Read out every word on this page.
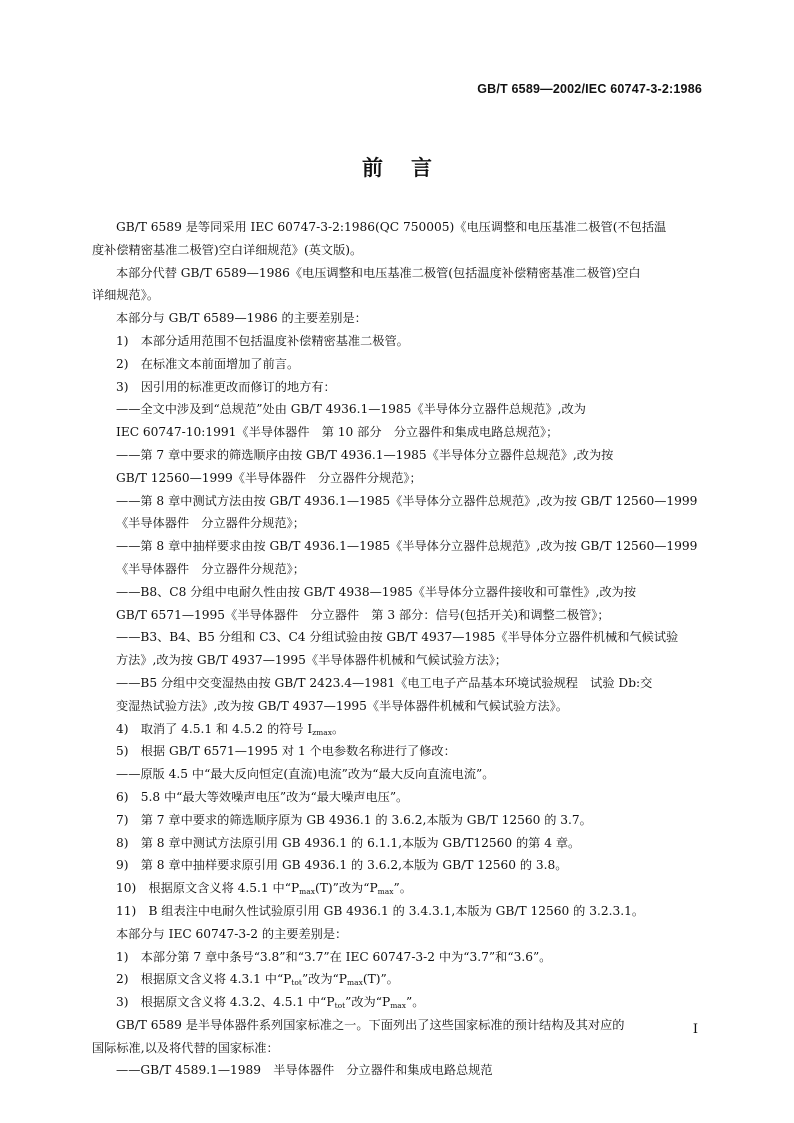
GB/T 6589—2002/IEC 60747-3-2:1986
前言
GB/T 6589 是等同采用 IEC 60747-3-2:1986(QC 750005)《电压调整和电压基准二极管(不包括温
度补偿精密基准二极管)空白详细规范》(英文版)。
本部分代替 GB/T 6589—1986《电压调整和电压基准二极管(包括温度补偿精密基准二极管)空白
详细规范》。
本部分与 GB/T 6589—1986 的主要差别是：
1)　本部分适用范围不包括温度补偿精密基准二极管。
2)　在标准文本前面增加了前言。
3)　因引用的标准更改而修订的地方有：
——全文中涉及到“总规范”处由 GB/T 4936.1—1985《半导体分立器件总规范》,改为
IEC 60747-10:1991《半导体器件　第 10 部分　分立器件和集成电路总规范》；
——第 7 章中要求的筛选顺序由按 GB/T 4936.1—1985《半导体分立器件总规范》,改为按
GB/T 12560—1999《半导体器件　分立器件分规范》；
——第 8 章中测试方法由按 GB/T 4936.1—1985《半导体分立器件总规范》,改为按 GB/T 12560—1999
《半导体器件　分立器件分规范》；
——第 8 章中抽样要求由按 GB/T 4936.1—1985《半导体分立器件总规范》,改为按 GB/T 12560—1999
《半导体器件　分立器件分规范》；
——B8、C8 分组中电耐久性由按 GB/T 4938—1985《半导体分立器件接收和可靠性》,改为按
GB/T 6571—1995《半导体器件　分立器件　第 3 部分：信号(包括开关)和调整二极管》；
——B3、B4、B5 分组和 C3、C4 分组试验由按 GB/T 4937—1985《半导体分立器件机械和气候试验
方法》,改为按 GB/T 4937—1995《半导体器件机械和气候试验方法》；
——B5 分组中交变湿热由按 GB/T 2423.4—1981《电工电子产品基本环境试验规程　试验 Db:交
变湿热试验方法》,改为按 GB/T 4937—1995《半导体器件机械和气候试验方法》。
4)　取消了 4.5.1 和 4.5.2 的符号 $I_{zmax}$。
5)　根据 GB/T 6571—1995 对 1 个电参数名称进行了修改：
——原版 4.5 中“最大反向恒定(直流)电流”改为“最大反向直流电流”。
6)　5.8 中“最大等效噪声电压”改为“最大噪声电压”。
7)　第 7 章中要求的筛选顺序原为 GB 4936.1 的 3.6.2,本版为 GB/T 12560 的 3.7。
8)　第 8 章中测试方法原引用 GB 4936.1 的 6.1.1,本版为 GB/T12560 的第 4 章。
9)　第 8 章中抽样要求原引用 GB 4936.1 的 3.6.2,本版为 GB/T 12560 的 3.8。
10)　根据原文含义将 4.5.1 中“$P_{max}(T)$”改为“$P_{max}$”。
11)　B 组表注中电耐久性试验原引用 GB 4936.1 的 3.4.3.1,本版为 GB/T 12560 的 3.2.3.1。
本部分与 IEC 60747-3-2 的主要差别是：
1)　本部分第 7 章中条号“3.8”和“3.7”在 IEC 60747-3-2 中为“3.7”和“3.6”。
2)　根据原文含义将 4.3.1 中“$P_{tot}$”改为“$P_{max}(T)$”。
3)　根据原文含义将 4.3.2、4.5.1 中“$P_{tot}$”改为“$P_{max}$”。
GB/T 6589 是半导体器件系列国家标准之一。下面列出了这些国家标准的预计结构及其对应的
国际标准,以及将代替的国家标准：
——GB/T 4589.1—1989　半导体器件　分立器件和集成电路总规范
I
